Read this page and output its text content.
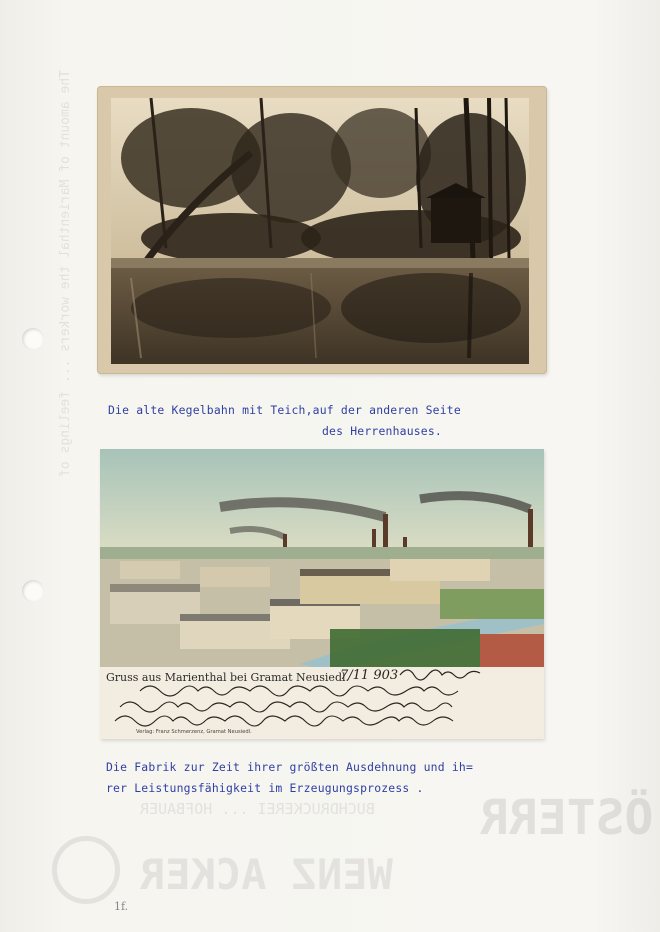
The amount of Marienthal the workers ... feelings of
BUCHDRUCKEREI ... HOFBAUER ÖSTERR
WENZ ACKER
Die alte Kegelbahn mit Teich,auf der anderen Seite
des Herrenhauses.
Gruss aus Marienthal bei Gramat Neusiedl.
Verlag: Franz Schmerzenz, Gramat Neusiedl.
7/11 903
Die Fabrik zur Zeit ihrer größten Ausdehnung und ih=
rer Leistungsfähigkeit im Erzeugungsprozess .
1f.
